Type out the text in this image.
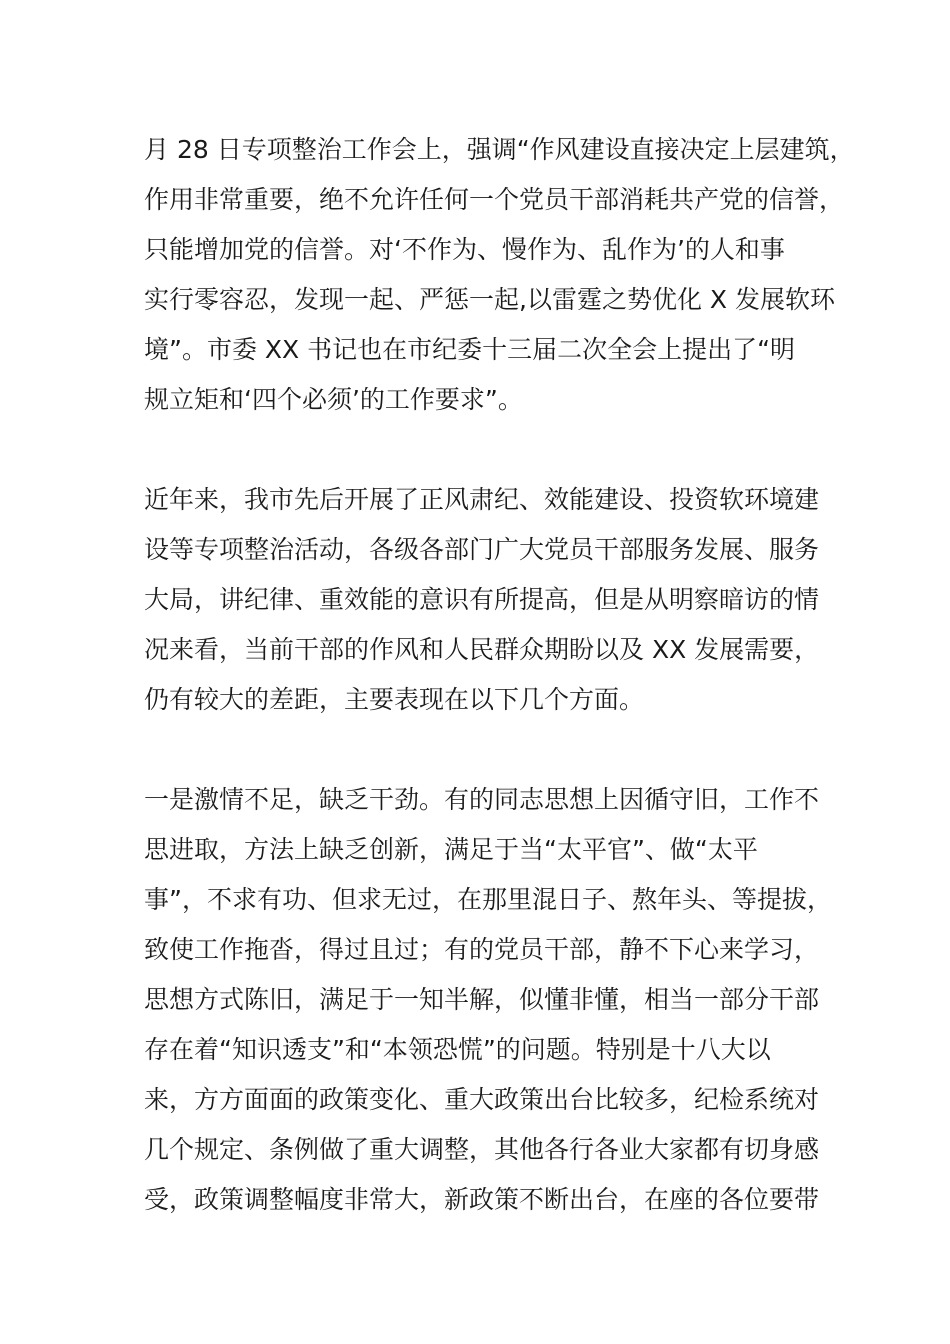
月 28 日专项整治工作会上，强调“作风建设直接决定上层建筑，
作用非常重要，绝不允许任何一个党员干部消耗共产党的信誉，
只能增加党的信誉。对‘不作为、慢作为、乱作为’的人和事
实行零容忍，发现一起、严惩一起,以雷霆之势优化 X 发展软环
境”。市委 XX 书记也在市纪委十三届二次全会上提出了“明
规立矩和‘四个必须’的工作要求”。
近年来，我市先后开展了正风肃纪、效能建设、投资软环境建
设等专项整治活动，各级各部门广大党员干部服务发展、服务
大局，讲纪律、重效能的意识有所提高，但是从明察暗访的情
况来看，当前干部的作风和人民群众期盼以及 XX 发展需要，
仍有较大的差距，主要表现在以下几个方面。
一是激情不足，缺乏干劲。有的同志思想上因循守旧，工作不
思进取，方法上缺乏创新，满足于当“太平官”、做“太平
事”，不求有功、但求无过，在那里混日子、熬年头、等提拔，
致使工作拖沓，得过且过；有的党员干部，静不下心来学习，
思想方式陈旧，满足于一知半解，似懂非懂，相当一部分干部
存在着“知识透支”和“本领恐慌”的问题。特别是十八大以
来，方方面面的政策变化、重大政策出台比较多，纪检系统对
几个规定、条例做了重大调整，其他各行各业大家都有切身感
受，政策调整幅度非常大，新政策不断出台，在座的各位要带
